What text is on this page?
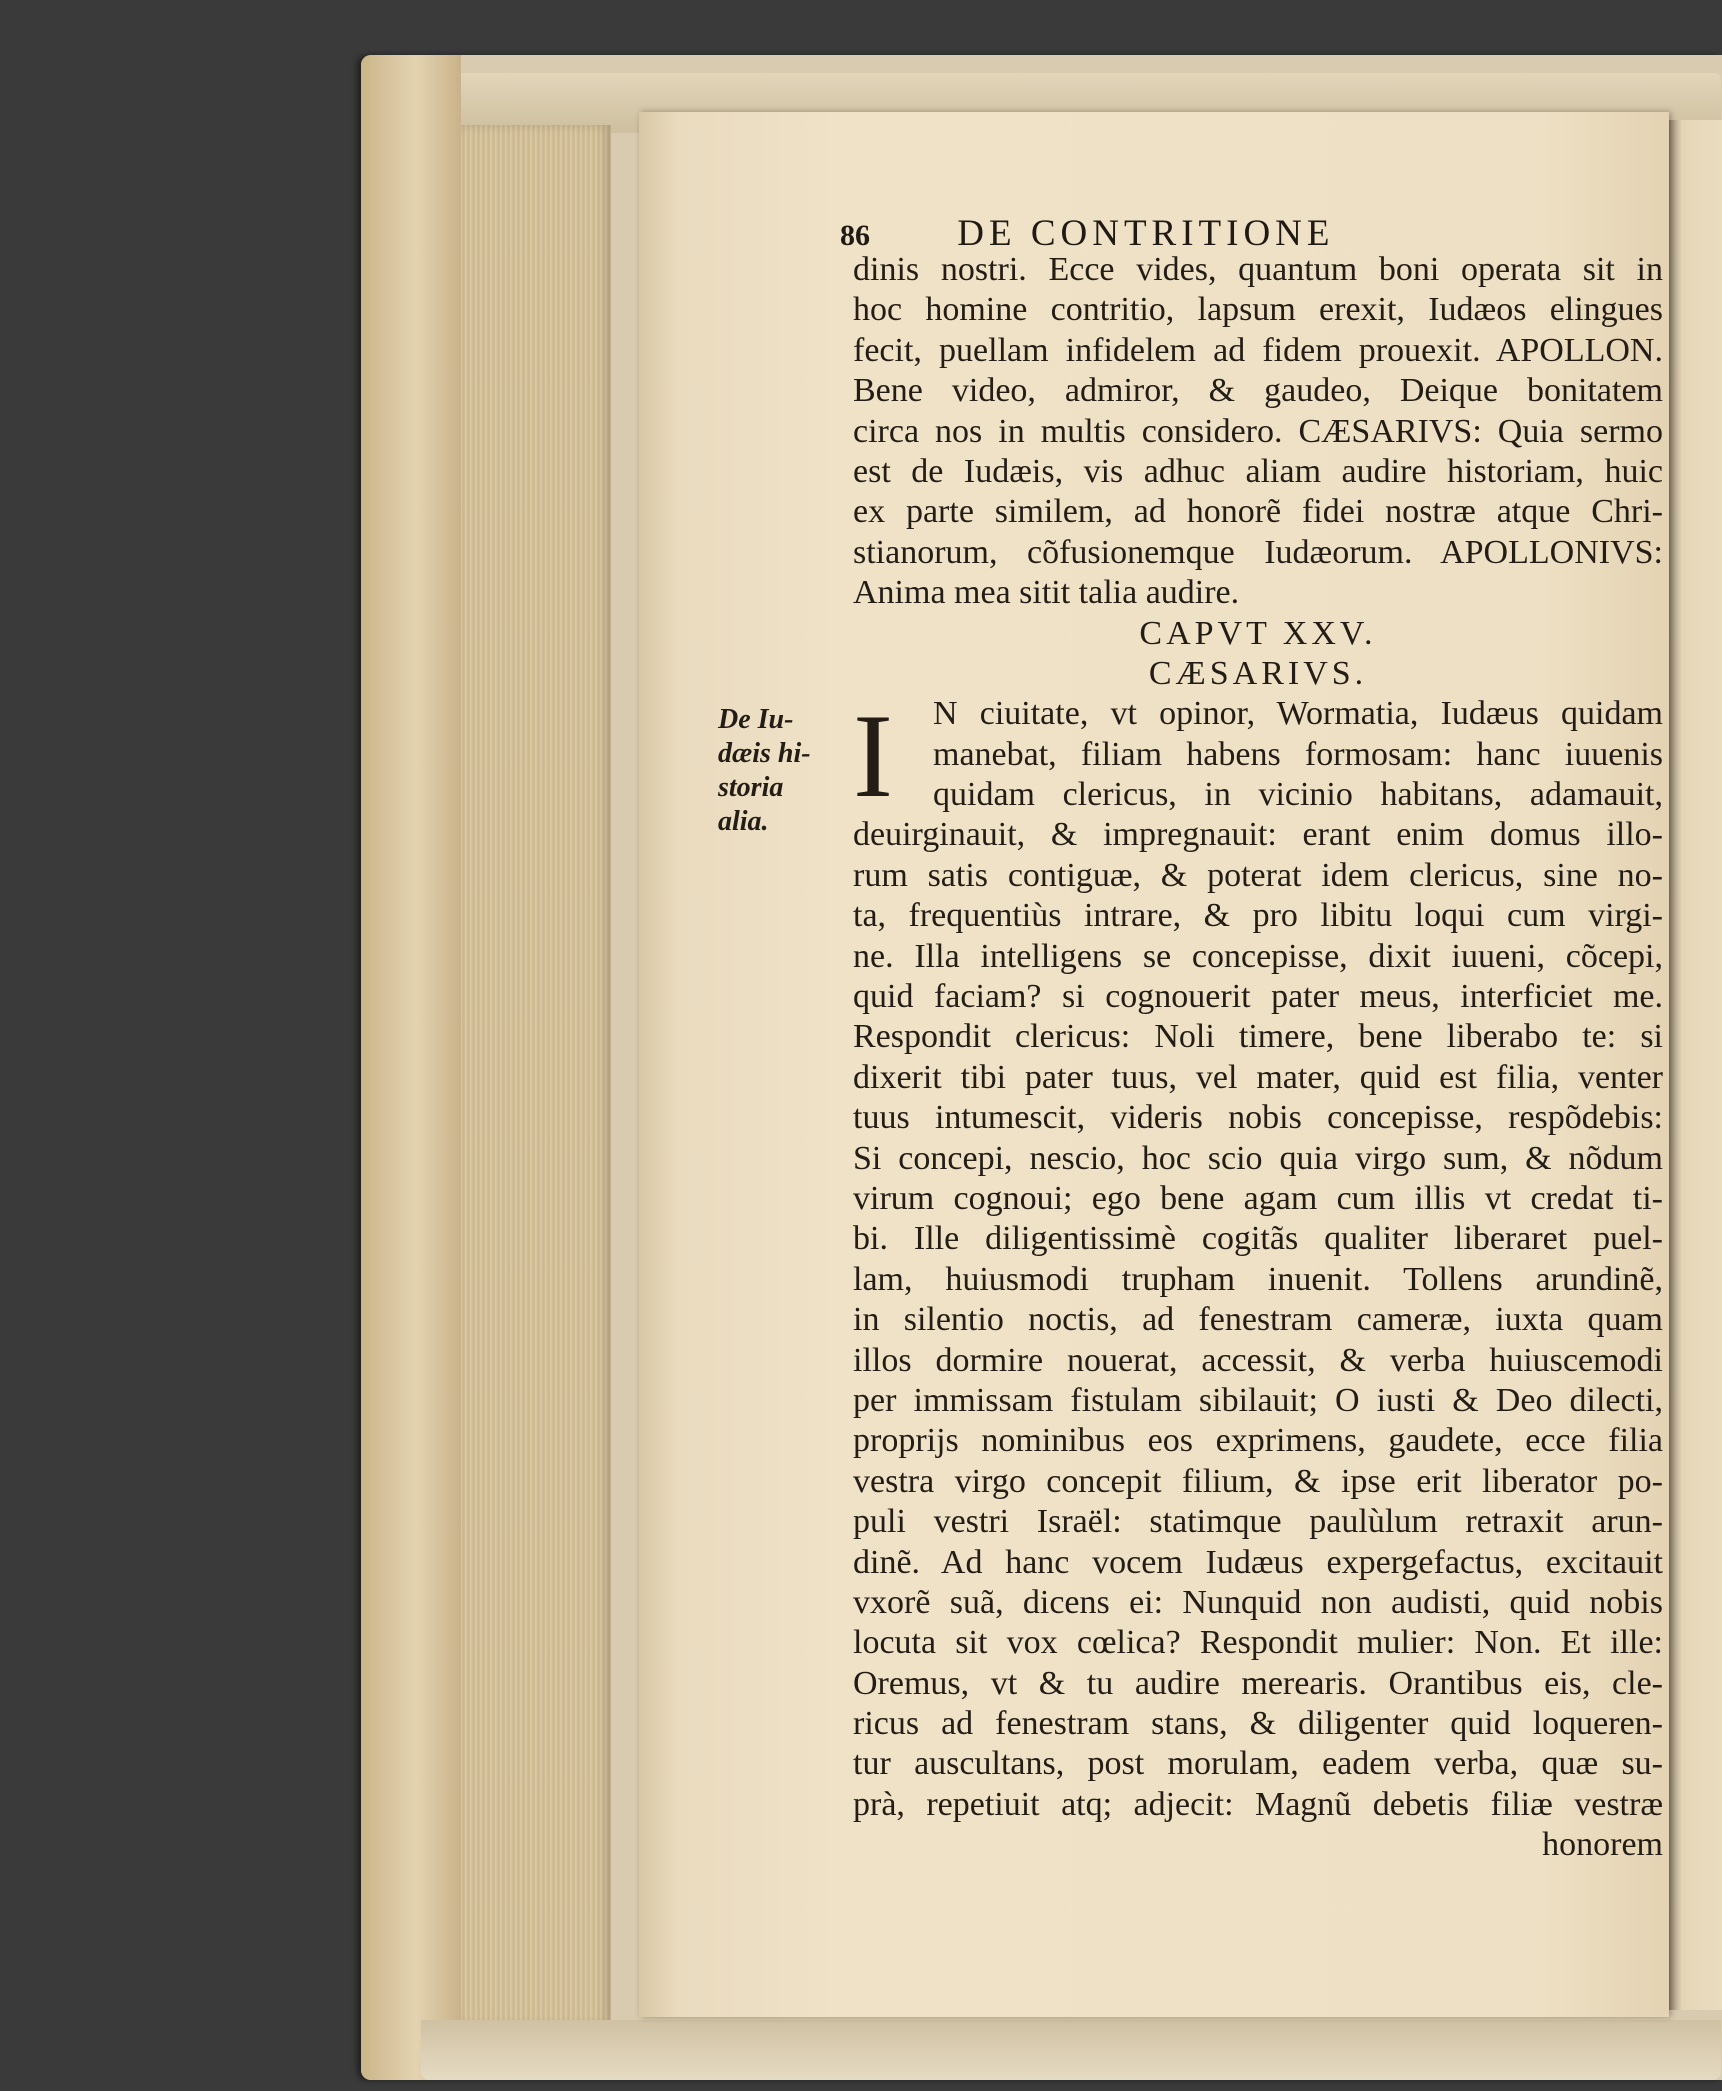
86 DE CONTRITIONE
De Iu-
dæis hi-
storia
alia. I
dinis nostri. Ecce vides, quantum boni operata sit in
hoc homine contritio, lapsum erexit, Iudæos elingues
fecit, puellam infidelem ad fidem prouexit. APOLLON.
Bene video, admiror, & gaudeo, Deique bonitatem
circa nos in multis considero. CÆSARIVS: Quia sermo
est de Iudæis, vis adhuc aliam audire historiam, huic
ex parte similem, ad honorẽ fidei nostræ atque Chri-
stianorum, cõfusionemque Iudæorum. APOLLONIVS:
Anima mea sitit talia audire.
CAPVT XXV.
CÆSARIVS.
N ciuitate, vt opinor, Wormatia, Iudæus quidam
manebat, filiam habens formosam: hanc iuuenis
quidam clericus, in vicinio habitans, adamauit,
deuirginauit, & impregnauit: erant enim domus illo-
rum satis contiguæ, & poterat idem clericus, sine no-
ta, frequentiùs intrare, & pro libitu loqui cum virgi-
ne. Illa intelligens se concepisse, dixit iuueni, cõcepi,
quid faciam? si cognouerit pater meus, interficiet me.
Respondit clericus: Noli timere, bene liberabo te: si
dixerit tibi pater tuus, vel mater, quid est filia, venter
tuus intumescit, videris nobis concepisse, respõdebis:
Si concepi, nescio, hoc scio quia virgo sum, & nõdum
virum cognoui; ego bene agam cum illis vt credat ti-
bi. Ille diligentissimè cogitãs qualiter liberaret puel-
lam, huiusmodi trupham inuenit. Tollens arundinẽ,
in silentio noctis, ad fenestram cameræ, iuxta quam
illos dormire nouerat, accessit, & verba huiuscemodi
per immissam fistulam sibilauit; O iusti & Deo dilecti,
proprijs nominibus eos exprimens, gaudete, ecce filia
vestra virgo concepit filium, & ipse erit liberator po-
puli vestri Israël: statimque paulùlum retraxit arun-
dinẽ. Ad hanc vocem Iudæus expergefactus, excitauit
vxorẽ suã, dicens ei: Nunquid non audisti, quid nobis
locuta sit vox cœlica? Respondit mulier: Non. Et ille:
Oremus, vt & tu audire merearis. Orantibus eis, cle-
ricus ad fenestram stans, & diligenter quid loqueren-
tur auscultans, post morulam, eadem verba, quæ su-
prà, repetiuit atq; adjecit: Magnũ debetis filiæ vestræ
honorem
